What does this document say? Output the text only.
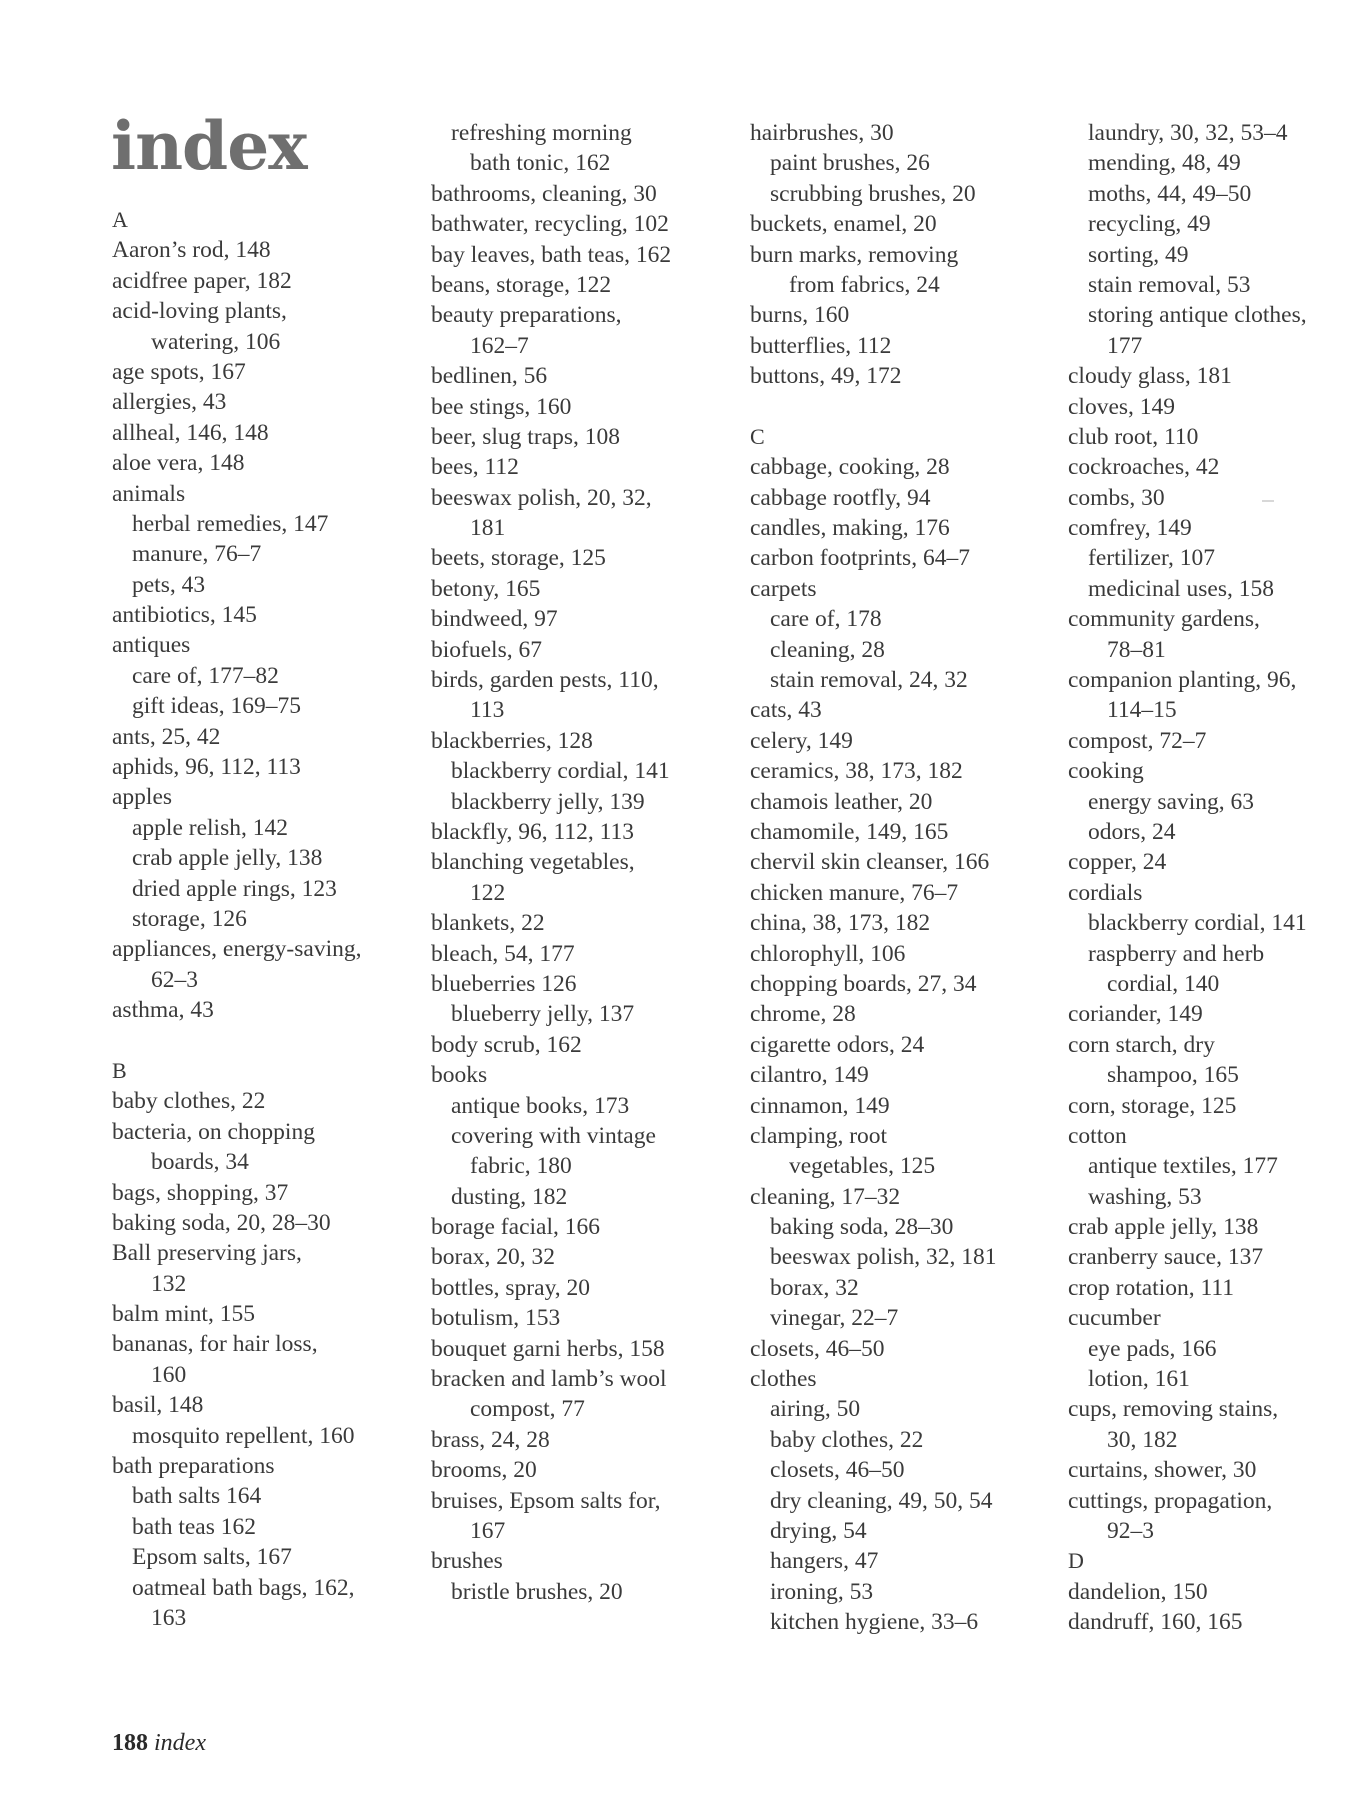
index
A
Aaron’s rod, 148
acidfree paper, 182
acid-loving plants,
watering, 106
age spots, 167
allergies, 43
allheal, 146, 148
aloe vera, 148
animals
herbal remedies, 147
manure, 76–7
pets, 43
antibiotics, 145
antiques
care of, 177–82
gift ideas, 169–75
ants, 25, 42
aphids, 96, 112, 113
apples
apple relish, 142
crab apple jelly, 138
dried apple rings, 123
storage, 126
appliances, energy-saving,
62–3
asthma, 43
B
baby clothes, 22
bacteria, on chopping
boards, 34
bags, shopping, 37
baking soda, 20, 28–30
Ball preserving jars,
132
balm mint, 155
bananas, for hair loss,
160
basil, 148
mosquito repellent, 160
bath preparations
bath salts 164
bath teas 162
Epsom salts, 167
oatmeal bath bags, 162,
163
refreshing morning
bath tonic, 162
bathrooms, cleaning, 30
bathwater, recycling, 102
bay leaves, bath teas, 162
beans, storage, 122
beauty preparations,
162–7
bedlinen, 56
bee stings, 160
beer, slug traps, 108
bees, 112
beeswax polish, 20, 32,
181
beets, storage, 125
betony, 165
bindweed, 97
biofuels, 67
birds, garden pests, 110,
113
blackberries, 128
blackberry cordial, 141
blackberry jelly, 139
blackfly, 96, 112, 113
blanching vegetables,
122
blankets, 22
bleach, 54, 177
blueberries 126
blueberry jelly, 137
body scrub, 162
books
antique books, 173
covering with vintage
fabric, 180
dusting, 182
borage facial, 166
borax, 20, 32
bottles, spray, 20
botulism, 153
bouquet garni herbs, 158
bracken and lamb’s wool
compost, 77
brass, 24, 28
brooms, 20
bruises, Epsom salts for,
167
brushes
bristle brushes, 20
hairbrushes, 30
paint brushes, 26
scrubbing brushes, 20
buckets, enamel, 20
burn marks, removing
from fabrics, 24
burns, 160
butterflies, 112
buttons, 49, 172
C
cabbage, cooking, 28
cabbage rootfly, 94
candles, making, 176
carbon footprints, 64–7
carpets
care of, 178
cleaning, 28
stain removal, 24, 32
cats, 43
celery, 149
ceramics, 38, 173, 182
chamois leather, 20
chamomile, 149, 165
chervil skin cleanser, 166
chicken manure, 76–7
china, 38, 173, 182
chlorophyll, 106
chopping boards, 27, 34
chrome, 28
cigarette odors, 24
cilantro, 149
cinnamon, 149
clamping, root
vegetables, 125
cleaning, 17–32
baking soda, 28–30
beeswax polish, 32, 181
borax, 32
vinegar, 22–7
closets, 46–50
clothes
airing, 50
baby clothes, 22
closets, 46–50
dry cleaning, 49, 50, 54
drying, 54
hangers, 47
ironing, 53
kitchen hygiene, 33–6
laundry, 30, 32, 53–4
mending, 48, 49
moths, 44, 49–50
recycling, 49
sorting, 49
stain removal, 53
storing antique clothes,
177
cloudy glass, 181
cloves, 149
club root, 110
cockroaches, 42
combs, 30
comfrey, 149
fertilizer, 107
medicinal uses, 158
community gardens,
78–81
companion planting, 96,
114–15
compost, 72–7
cooking
energy saving, 63
odors, 24
copper, 24
cordials
blackberry cordial, 141
raspberry and herb
cordial, 140
coriander, 149
corn starch, dry
shampoo, 165
corn, storage, 125
cotton
antique textiles, 177
washing, 53
crab apple jelly, 138
cranberry sauce, 137
crop rotation, 111
cucumber
eye pads, 166
lotion, 161
cups, removing stains,
30, 182
curtains, shower, 30
cuttings, propagation,
92–3
D
dandelion, 150
dandruff, 160, 165
188 index
